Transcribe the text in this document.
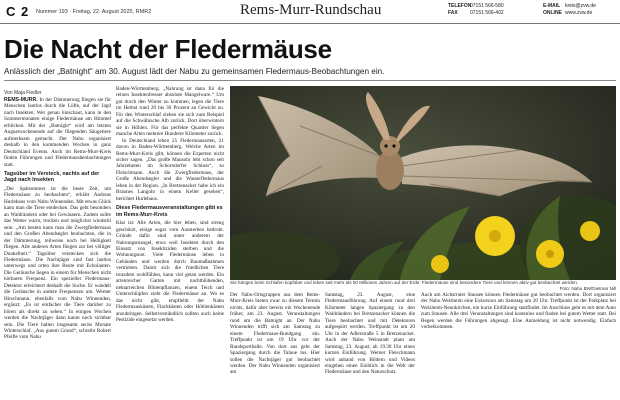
C 2 Nummer 193 · Freitag, 22. August 2025, RMR2	Rems-Murr-Rundschau	TELEFON07151 566-580
FAX 07151 566-402
E-MAIL kreis@zvw.de
ONLINE www.zvw.de
Die Nacht der Fledermäuse
Anlässlich der „Batnight“ am 30. August lädt der Nabu zu gemeinsamen Fledermaus-Beobachtungen ein.
Von Maja Fiedler

REMS-MURR. In der Dämmerung fliegen sie für Menschen lautlos durch die Lüfte, auf der Jagd nach Insekten. Wer genau hinschaut, kann in den Sommermonaten einige Fledermäuse am Himmel erblicken. Mit der „Batnight“ wird am letzten Augustwochenende auf die fliegenden Säugetiere aufmerksam gemacht. Der Nabu organisiert deshalb in den kommenden Wochen in ganz Deutschland Events. Auch im Rems-Murr-Kreis finden Führungen und Fledermausbeobachtungen statt.

Tagsüber im Versteck, nachts auf der Jagd nach Insekten

„Der Spätsommer ist die beste Zeit, um Fledermäuse zu beobachten“, erklärt Andreas Hurlebaus vom Nabu Winnenden. Mit etwas Glück kann man die Tiere entdecken. Das geht besonders an Waldrändern oder bei Gewässern. Zudem sollte das Wetter warm, trocken und möglichst windstill sein. „Am besten kann man die Zwergfledermaus und den Großen Abendsegler beobachten, die in der Dämmerung, teilweise noch bei Helligkeit fliegen. Alle anderen Arten fliegen zur bei völliger Dunkelheit.“ Tagsüber verstecken sich die Fledermäuse. Die Nachtjäger sind fast lautlos unterwegs und orten ihre Beute mit Echolauten. Die Geräusche liegen in einem für Menschen nicht hörbaren Frequenz. Ein spezieller Fledermaus-Detektor erleichtert deshalb die Suche. Er wandelt die Geräusche in andere Frequenzen um. Werner Hirschmann, ebenfalls vom Nabu Winnenden, ergänzt: „Es ist einfacher die Tiere darüber zu hören als direkt zu sehen.“ In einigen Wochen werden die Nachtjäger dann kaum noch sichtbar sein. Die Tiere halten insgesamt sechs Monate Winterschlaf. „Aus gutem Grund“, schreibt Robert Pfeifle vom Nabu

Baden-Württemberg. „Nahrung ist dann für die reinen Insektenfresser absolute Mangelware.“ Um gut durch den Winter zu kommen, legen die Tiere im Herbst rund 20 bis 30 Prozent an Gewicht zu. Für den Winterschlaf ziehen sie sich zum Beispiel auf die Schwäbische Alb zurück. Dort überwintern sie in Höhlen. Für das perfekte Quartier liegen manche Arten mehrere Hunderte Kilometer zurück.

In Deutschland leben 25 Fledermausarten, 21 davon in Baden-Württemberg. Welche Arten im Rems-Murr-Kreis gibt, können die Experten nicht sicher sagen. „Das große Mausohr lebt schon seit Jahrzehnten im Schorndorfer Schloss“, so Fleischmann. Auch die Zwergfledermaus, der Große Abendsegler und die Wasserfledermaus leben in der Region. „In Bretzenacker habe ich ein Braunes Langohr in einem Keller gesehen“, berichtet Hurlebaus.

Diese Fledermausveranstaltungen gibt es im Rems-Murr-Kreis

Klar ist: Alle Arten, die hier leben, sind streng geschützt, einige sogar vom Aussterben bedroht. Gründe dafür sind unter anderem der Nahrungsmangel, etwa weil Insekten durch den Einsatz von Insektiziden sterben und die Wohnungsnot. Viele Fledermäuse leben in Gebäuden und werden durch Baumaßnahmen vertrieben. Damit sich die friedlichen Tiere trotzdem wohlfühlen, kann viel getan werden. Ein artenreicher Garten mit nachtblühenden, nektarreichen Blütenpflanzen, einem Teich und Unterschlüpfen zieht die Fledermäuse an. Wo es das nicht gibt, empfiehlt der Nabu Fledermauskästen, Flachkästen oder Höhlenkästen anzubringen. Selbstverständlich sollten auch keine Pestizide eingesetzt werden.

Sie hängen beim Schlafen kopfüber und leben seit mehr als 50 Millionen Jahren auf der Erde: Fledermäuse sind besondere Tiere und können aktiv gut beobachtet werden.
Foto: Nabu BW/Dietmar Nill
Der Nabu-Ortsgruppen aus dem Rems-Murr-Kreis bieten zwar zu diesem Termin nichts, dafür aber bereits ein Wochenende früher, am 23. August. Veranstaltungen rund um die Batnight an. Der Nabu Winnenden trifft sich am Samstag zu einem Fledermaus-Rundgang ein. Treffpunkt ist um 19 Uhr vor der Rundsporthalle. Von dort aus geht der Spaziergang durch die Talaue los. Hier sollen die Nachtjäger gut beobachtet werden. Der Nabu Winnenden organisiert am
Samstag, 23. August, eine Fledermausführung. Auf einem rund drei Kilometer langen Spaziergang zu den Waldrändern bei Bretzenacker können die Tiere beobachtet und mit Detektoren aufgespürt werden. Treffpunkt ist um 20 Uhr in der Adlerstraße 5 in Bretzenacker. Auch der Nabu Weinstadt plant am Samstag, 23. August, ab 19.30 Uhr einen kurzen Einführung. Werner Fleischmann wird anhand von Bildern und Videos eingehen einen Einblick in die Welt der Fledermäuse und den Naturschutz.
Auch am Aichstruter Stausee können Fledermäuse gut beobachtet werden. Dort organisiert der Nabu Welzheim eine Exkursion am Samstag um 20 Uhr. Treffpunkt ist der Parkplatz bei Welzheim-Neunkirchen, ein kurze Einführung stattfindet. Im Anschluss geht es mit dem Auto zum Stausee. Alle drei Veranstaltungen sind kostenlos und finden bei gutem Wetter statt. Bei Regen werden die Führungen abgesagt. Eine Anmeldung ist nicht notwendig. Einfach vorbeikommen.
